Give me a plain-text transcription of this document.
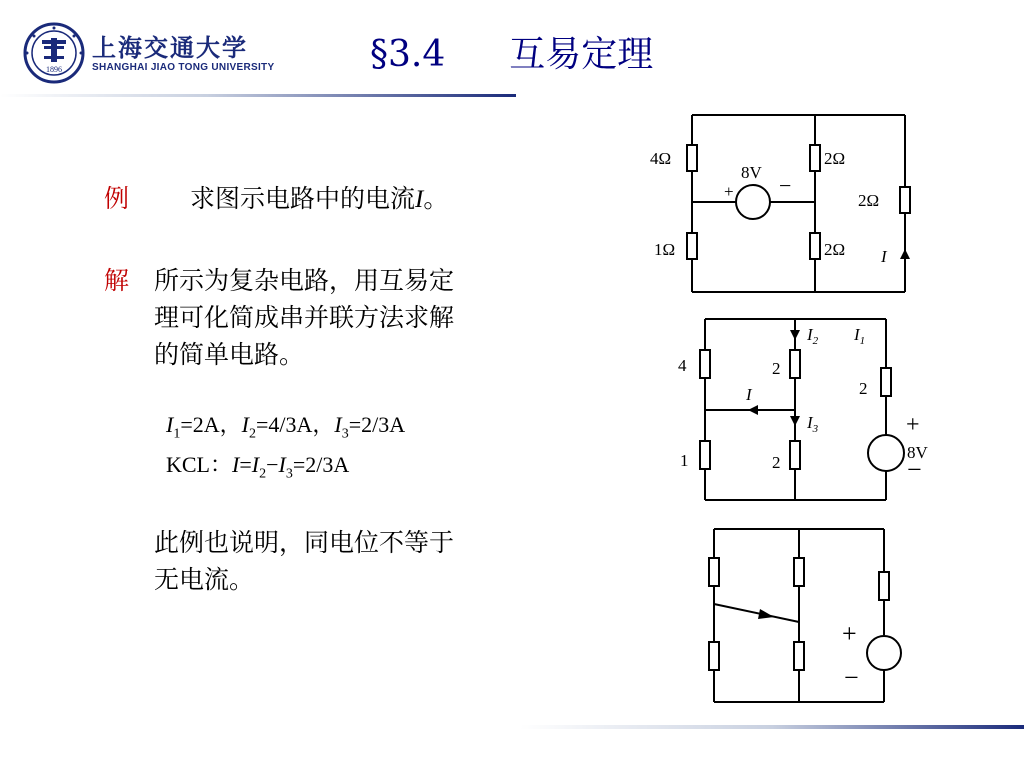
1896
上海交通大学
SHANGHAI JIAO TONG UNIVERSITY	§3.4 互易定理
例 求图示电路中的电流I。
解 所示为复杂电路，用互易定
理可化简成串并联方法求解
的简单电路。
$I_1=2A$，$I_2=4/3A$，$I_3=2/3A$
KCL：$I=I_2-I_3=2/3A$
此例也说明，同电位不等于
无电流。
4Ω
1Ω
2Ω
2Ω
2Ω
8V
+ −
I
4
1
2
2
2
$I_2$ $I_1$
I
$I_3$
8V
+
−
+
−
